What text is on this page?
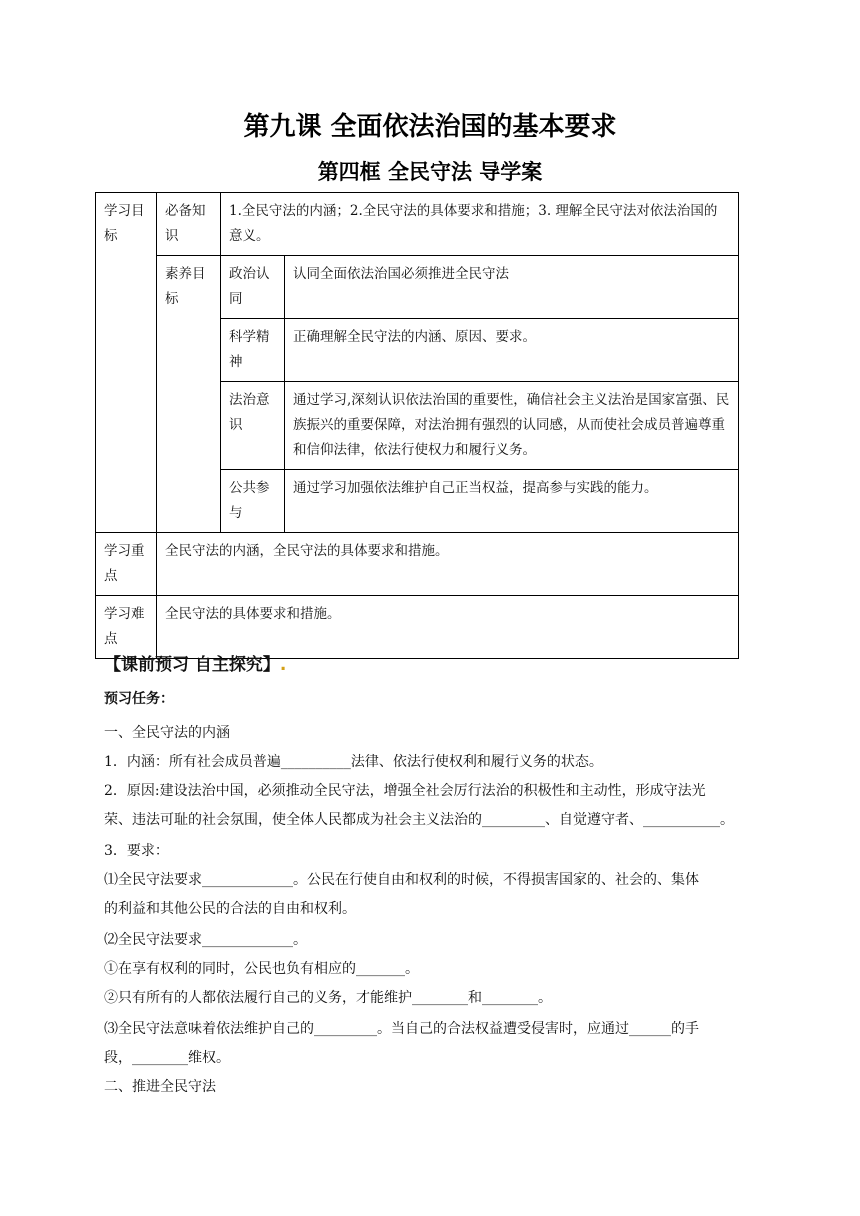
第九课 全面依法治国的基本要求
第四框 全民守法 导学案
学习目标	必备知识	1.全民守法的内涵；2.全民守法的具体要求和措施；3. 理解全民守法对依法治国的意义。	
	素养目标	政治认同	认同全面依法治国必须推进全民守法
		科学精神	正确理解全民守法的内涵、原因、要求。
		法治意识	通过学习,深刻认识依法治国的重要性，确信社会主义法治是国家富强、民族振兴的重要保障，对法治拥有强烈的认同感，从而使社会成员普遍尊重和信仰法律，依法行使权力和履行义务。
		公共参与	通过学习加强依法维护自己正当权益，提高参与实践的能力。
学习重点	全民守法的内涵，全民守法的具体要求和措施。		
学习难点	全民守法的具体要求和措施。		
【课前预习 自主探究】.
预习任务：
一、全民守法的内涵
1．内涵：所有社会成员普遍__________法律、依法行使权利和履行义务的状态。
2．原因:建设法治中国，必须推动全民守法，增强全社会厉行法治的积极性和主动性，形成守法光
荣、违法可耻的社会氛围，使全体人民都成为社会主义法治的_________、自觉遵守者、___________。
3．要求：
⑴全民守法要求_____________。公民在行使自由和权利的时候，不得损害国家的、社会的、集体
的利益和其他公民的合法的自由和权利。
⑵全民守法要求_____________。
①在享有权利的同时，公民也负有相应的_______。
②只有所有的人都依法履行自己的义务，才能维护________和________。
⑶全民守法意味着依法维护自己的_________。当自己的合法权益遭受侵害时，应通过______的手
段，________维权。
二、推进全民守法
